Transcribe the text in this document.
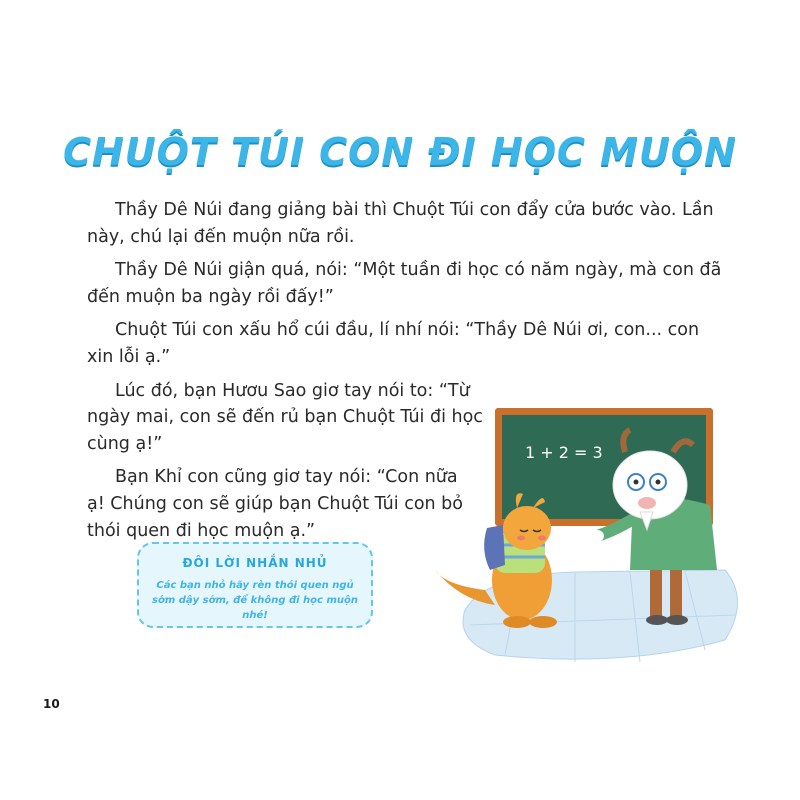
CHUỘT TÚI CON ĐI HỌC MUỘN

Thầy Dê Núi đang giảng bài thì Chuột Túi con đẩy cửa bước vào. Lần này, chú lại đến muộn nữa rồi.

Thầy Dê Núi giận quá, nói: “Một tuần đi học có năm ngày, mà con đã đến muộn ba ngày rồi đấy!”

Chuột Túi con xấu hổ cúi đầu, lí nhí nói: “Thầy Dê Núi ơi, con... con xin lỗi ạ.”

Lúc đó, bạn Hươu Sao giơ tay nói to: “Từ ngày mai, con sẽ đến rủ bạn Chuột Túi đi học cùng ạ!”

Bạn Khỉ con cũng giơ tay nói: “Con nữa ạ! Chúng con sẽ giúp bạn Chuột Túi con bỏ thói quen đi học muộn ạ.”

ĐÔI LỜI NHẮN NHỦ
Các bạn nhỏ hãy rèn thói quen ngủ sớm dậy sớm, để không đi học muộn nhé!
1 + 2 = 3
10
